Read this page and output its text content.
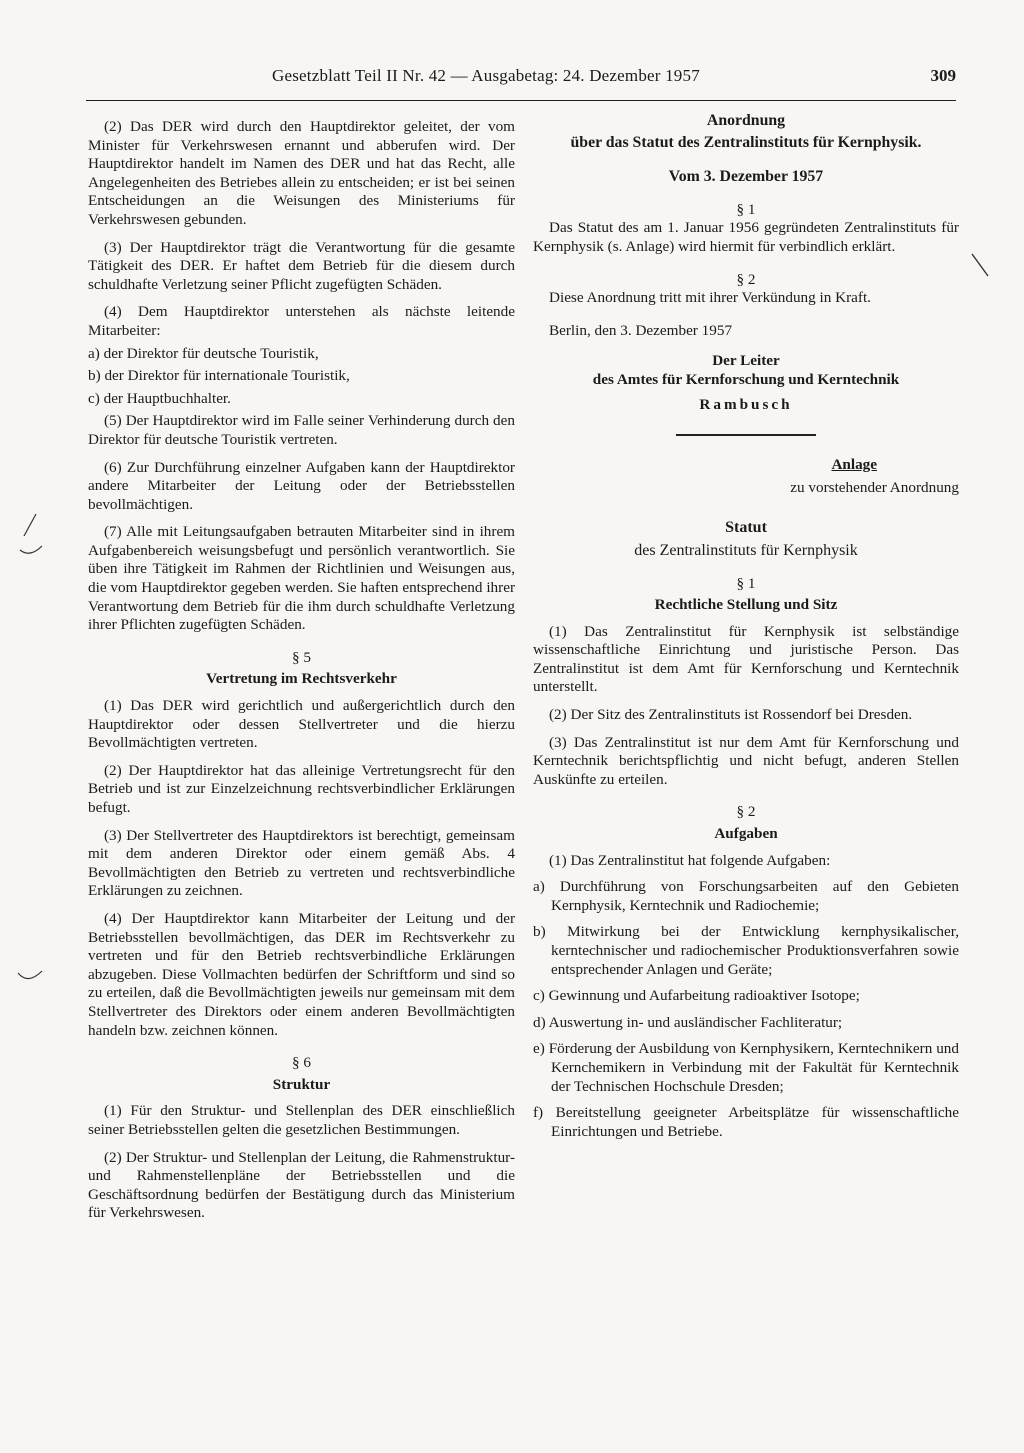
Gesetzblatt Teil II Nr. 42 — Ausgabetag: 24. Dezember 1957	309

(2) Das DER wird durch den Hauptdirektor geleitet, der vom Minister für Verkehrswesen ernannt und abberufen wird. Der Hauptdirektor handelt im Namen des DER und hat das Recht, alle Angelegenheiten des Betriebes allein zu entscheiden; er ist bei seinen Entscheidungen an die Weisungen des Ministeriums für Verkehrswesen gebunden.

(3) Der Hauptdirektor trägt die Verantwortung für die gesamte Tätigkeit des DER. Er haftet dem Betrieb für die diesem durch schuldhafte Verletzung seiner Pflicht zugefügten Schäden.

(4) Dem Hauptdirektor unterstehen als nächste leitende Mitarbeiter:

a) der Direktor für deutsche Touristik,
b) der Direktor für internationale Touristik,
c) der Hauptbuchhalter.

(5) Der Hauptdirektor wird im Falle seiner Verhinderung durch den Direktor für deutsche Touristik vertreten.

(6) Zur Durchführung einzelner Aufgaben kann der Hauptdirektor andere Mitarbeiter der Leitung oder der Betriebsstellen bevollmächtigen.

(7) Alle mit Leitungsaufgaben betrauten Mitarbeiter sind in ihrem Aufgabenbereich weisungsbefugt und persönlich verantwortlich. Sie üben ihre Tätigkeit im Rahmen der Richtlinien und Weisungen aus, die vom Hauptdirektor gegeben werden. Sie haften entsprechend ihrer Verantwortung dem Betrieb für die ihm durch schuldhafte Verletzung ihrer Pflichten zugefügten Schäden.

§ 5

Vertretung im Rechtsverkehr

(1) Das DER wird gerichtlich und außergerichtlich durch den Hauptdirektor oder dessen Stellvertreter und die hierzu Bevollmächtigten vertreten.

(2) Der Hauptdirektor hat das alleinige Vertretungsrecht für den Betrieb und ist zur Einzelzeichnung rechtsverbindlicher Erklärungen befugt.

(3) Der Stellvertreter des Hauptdirektors ist berechtigt, gemeinsam mit dem anderen Direktor oder einem gemäß Abs. 4 Bevollmächtigten den Betrieb zu vertreten und rechtsverbindliche Erklärungen zu zeichnen.

(4) Der Hauptdirektor kann Mitarbeiter der Leitung und der Betriebsstellen bevollmächtigen, das DER im Rechtsverkehr zu vertreten und für den Betrieb rechtsverbindliche Erklärungen abzugeben. Diese Vollmachten bedürfen der Schriftform und sind so zu erteilen, daß die Bevollmächtigten jeweils nur gemeinsam mit dem Stellvertreter des Direktors oder einem anderen Bevollmächtigten handeln bzw. zeichnen können.

§ 6

Struktur

(1) Für den Struktur- und Stellenplan des DER einschließlich seiner Betriebsstellen gelten die gesetzlichen Bestimmungen.

(2) Der Struktur- und Stellenplan der Leitung, die Rahmenstruktur- und Rahmenstellenpläne der Betriebsstellen und die Geschäftsordnung bedürfen der Bestätigung durch das Ministerium für Verkehrswesen.

Anordnung

über das Statut des Zentralinstituts für Kernphysik.

Vom 3. Dezember 1957

§ 1

Das Statut des am 1. Januar 1956 gegründeten Zentralinstituts für Kernphysik (s. Anlage) wird hiermit für verbindlich erklärt.

§ 2

Diese Anordnung tritt mit ihrer Verkündung in Kraft.

Berlin, den 3. Dezember 1957

Der Leiter

des Amtes für Kernforschung und Kerntechnik

Rambusch

Anlage

zu vorstehender Anordnung

Statut

des Zentralinstituts für Kernphysik

§ 1

Rechtliche Stellung und Sitz

(1) Das Zentralinstitut für Kernphysik ist selbständige wissenschaftliche Einrichtung und juristische Person. Das Zentralinstitut ist dem Amt für Kernforschung und Kerntechnik unterstellt.

(2) Der Sitz des Zentralinstituts ist Rossendorf bei Dresden.

(3) Das Zentralinstitut ist nur dem Amt für Kernforschung und Kerntechnik berichtspflichtig und nicht befugt, anderen Stellen Auskünfte zu erteilen.

§ 2

Aufgaben

(1) Das Zentralinstitut hat folgende Aufgaben:

a) Durchführung von Forschungsarbeiten auf den Gebieten Kernphysik, Kerntechnik und Radiochemie;
b) Mitwirkung bei der Entwicklung kernphysikalischer, kerntechnischer und radiochemischer Produktionsverfahren sowie entsprechender Anlagen und Geräte;
c) Gewinnung und Aufarbeitung radioaktiver Isotope;
d) Auswertung in- und ausländischer Fachliteratur;
e) Förderung der Ausbildung von Kernphysikern, Kerntechnikern und Kernchemikern in Verbindung mit der Fakultät für Kerntechnik der Technischen Hochschule Dresden;
f) Bereitstellung geeigneter Arbeitsplätze für wissenschaftliche Einrichtungen und Betriebe.
